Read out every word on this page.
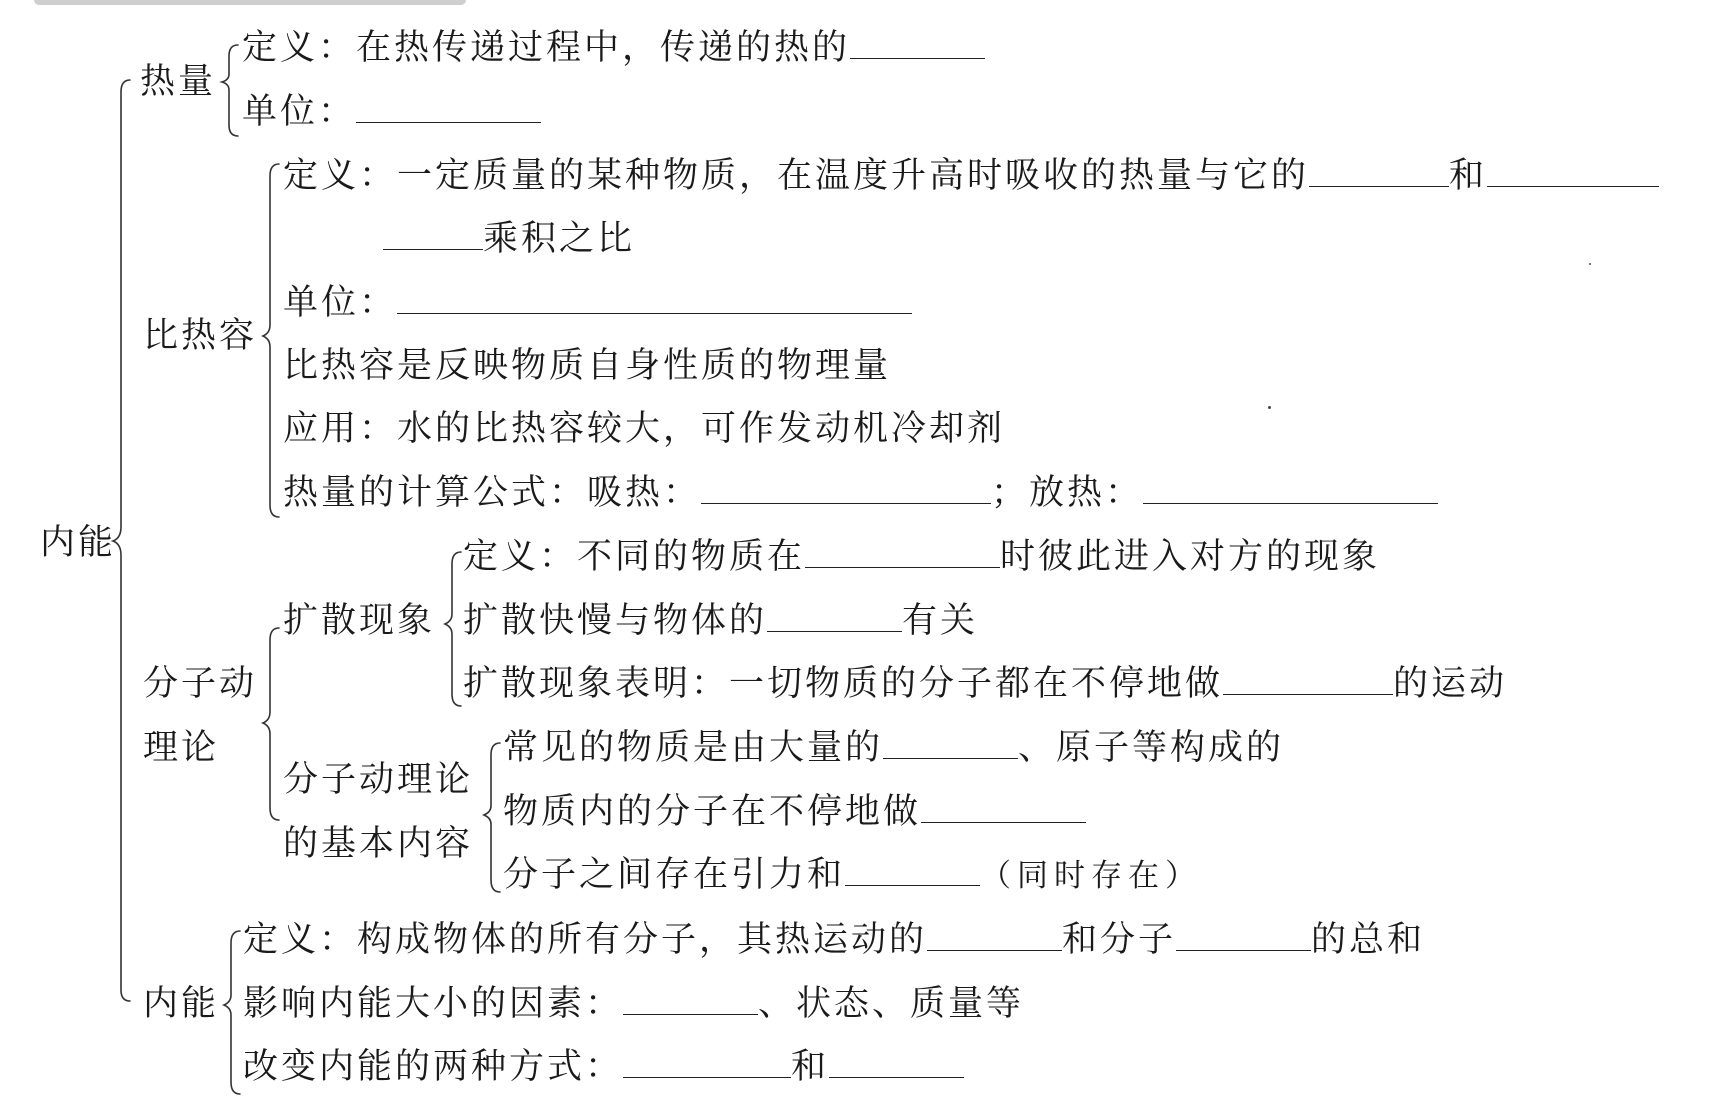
内能
热量
定义：在热传递过程中，传递的热的
单位：
比热容
定义：一定质量的某种物质，在温度升高时吸收的热量与它的	和
乘积之比
单位：
比热容是反映物质自身性质的物理量
应用：水的比热容较大，可作发动机冷却剂
热量的计算公式：吸热：	；放热：
分子动
理论
扩散现象
定义：不同的物质在	时彼此进入对方的现象
扩散快慢与物体的	有关
扩散现象表明：一切物质的分子都在不停地做	的运动
分子动理论
的基本内容
常见的物质是由大量的	、原子等构成的
物质内的分子在不停地做
分子之间存在引力和	（同时存在）
内能
定义：构成物体的所有分子，其热运动的	和分子	的总和
影响内能大小的因素：	、状态、质量等
改变内能的两种方式：	和
